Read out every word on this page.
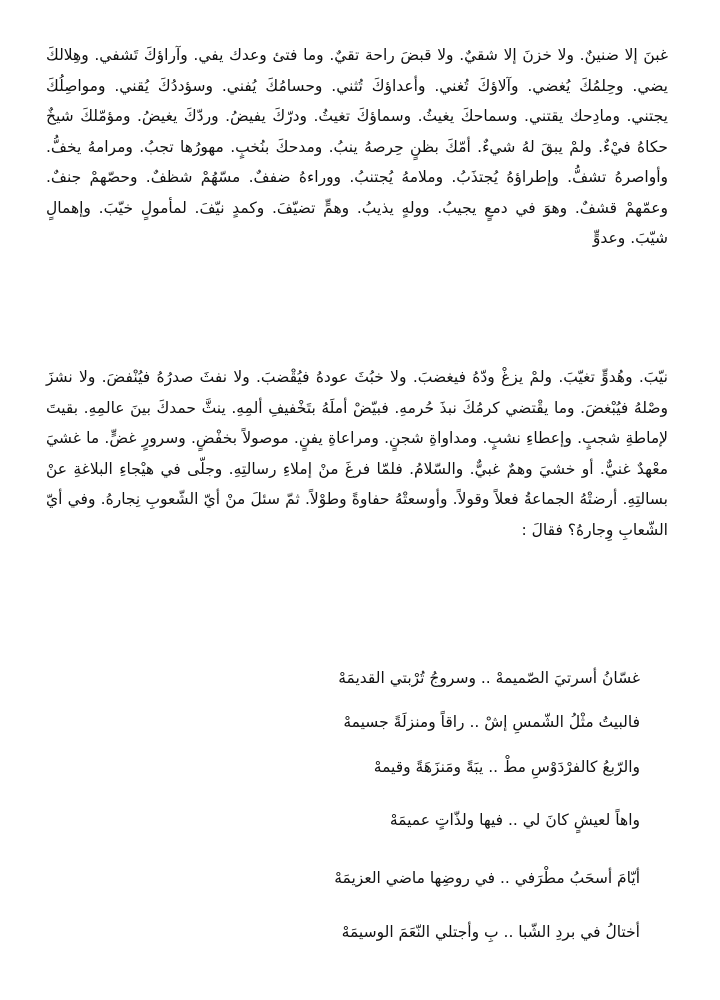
غبنَ إلا ضنينٌ. ولا خزنَ إلا شقيٌ. ولا قبضَ راحة تقيٌ. وما فتئ وعدك يفي. وآراؤكَ تَشفي. وهِلالكَ يضي. وحِلمُكَ يُغضي. وآلاؤكَ تُغني. وأعداؤكَ تُثني. وحسامُكَ يُفني. وسؤددُكَ يُقني. ومواصِلُكَ يجتني. ومادِحك يقتني. وسماحكَ يغيثُ. وسماؤكَ تغيثُ. ودرّكَ يفيضُ. وردّكَ يغيضُ. ومؤمّلكَ شيخٌ حكاهُ فيْءٌ. ولمْ يبقَ لهُ شيءٌ. أمّكَ بظنٍ حِرصهُ ينبُ. ومدحكَ بنُخبٍ. مهورُها تجبُ. ومرامهُ يخفُّ. وأواصرهُ تشفُّ. وإطراؤهُ يُجتذَبُ. وملامهُ يُجتنبُ. ووراءهُ ضففٌ. مسّهُمْ شظفٌ. وحصّهمْ جنفٌ. وعمّهمْ قشفٌ. وهوَ في دمعٍ يجيبُ. وولهٍ يذيبُ. وهمٍّ تضيّفَ. وكمدٍ نيّفَ. لمأمولٍ خيّبَ. وإهمالٍ شيّبَ. وعدوٍّ

نيّبَ. وهُدوٍّ تغيّبَ. ولمْ يزغْ ودّهُ فيغضبَ. ولا خبُثَ عودهُ فيُقْضبَ. ولا نفثَ صدرُهُ فيُنْفضَ. ولا نشزَ وصْلهُ فيُبْغضَ. وما يقْتضي كرمُكَ نبذَ حُرمهِ. فبيّضْ أملَهُ بتَخْفيفِ ألمِهِ. ينثَّ حمدكَ بينَ عالمِهِ. بقيتَ لإماطةِ شجبٍ. وإعطاءِ نشبٍ. ومداواةِ شجنٍ. ومراعاةِ يفنٍ. موصولاً بخفْضٍ. وسرورٍ غضٍّ. ما غشيَ معْهدٌ غنيٌّ. أو خشيَ وهمٌ غبيٌّ. والسّلامُ. فلمّا فرغَ منْ إملاءِ رسالتِهِ. وجلّى في هيْجاءِ البلاغةِ عنْ بسالتِهِ. أرضتْهُ الجماعةُ فعلاً وقولاً. وأوسعتْهُ حفاوةً وطوْلاً. ثمّ سئلَ منْ أيّ الشّعوبِ نِجارهُ. وفي أيّ الشّعابِ وِجارهُ؟ فقالَ :

غسّانُ أسرتيَ الصّميمهْ .. وسروجُ تُرْبتي القديمَهْ

فالبيتُ مثْلُ الشّمسِ إشْ .. راقاً ومنزلَةً جسيمهْ

والرّبعُ كالفرْدَوْسِ مطْ .. يبَةً ومَنزَهَةً وقيمهْ

واهاً لعيشٍ كانَ لي .. فيها ولذّاتٍ عميمَهْ

أيّامَ أسحَبُ مطْرَفي .. في روضِها ماضي العزيمَهْ

أختالُ في بردِ الشّبا .. بِ وأجتلي النّعَمَ الوسيمَهْ
